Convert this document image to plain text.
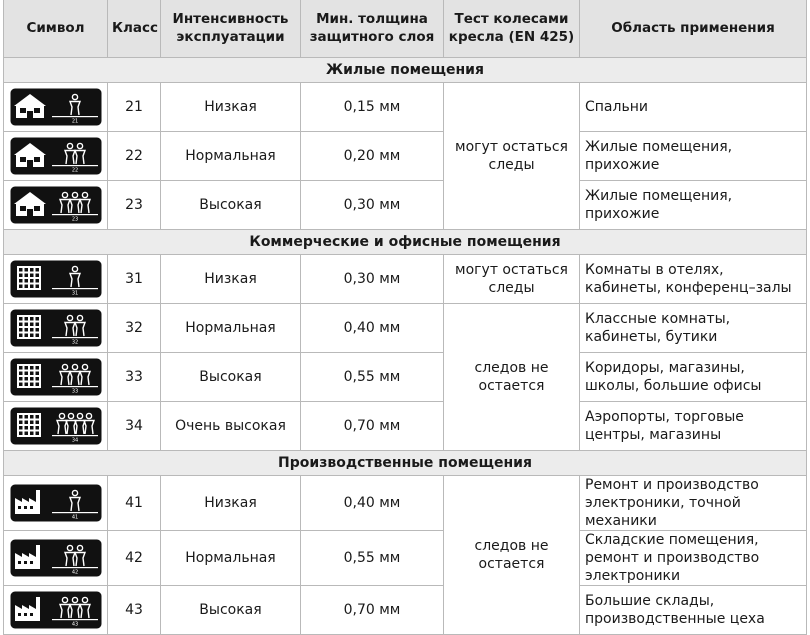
Символ	Класс	Интенсивность эксплуатации	Мин. толщина защитного слоя	Тест колесами кресла (EN 425)	Область применения
Жилые помещения					

21	21	Низкая	0,15 мм	могут остаться следы	Спальни

22	22	Нормальная	0,20 мм		Жилые помещения, прихожие

23	23	Высокая	0,30 мм		Жилые помещения, прихожие
Коммерческие и офисные помещения					

31	31	Низкая	0,30 мм	могут остаться следы	Комнаты в отелях, кабинеты, конференц–залы

32	32	Нормальная	0,40 мм	следов не остается	Классные комнаты, кабинеты, бутики

33	33	Высокая	0,55 мм		Коридоры, магазины, школы, большие офисы

34	34	Очень высокая	0,70 мм		Аэропорты, торговые центры, магазины
Производственные помещения					

41	41	Низкая	0,40 мм	следов не остается	Ремонт и производство электроники, точной механики

42	42	Нормальная	0,55 мм		Складские помещения, ремонт и производство электроники

43	43	Высокая	0,70 мм		Большие склады, производственные цеха
